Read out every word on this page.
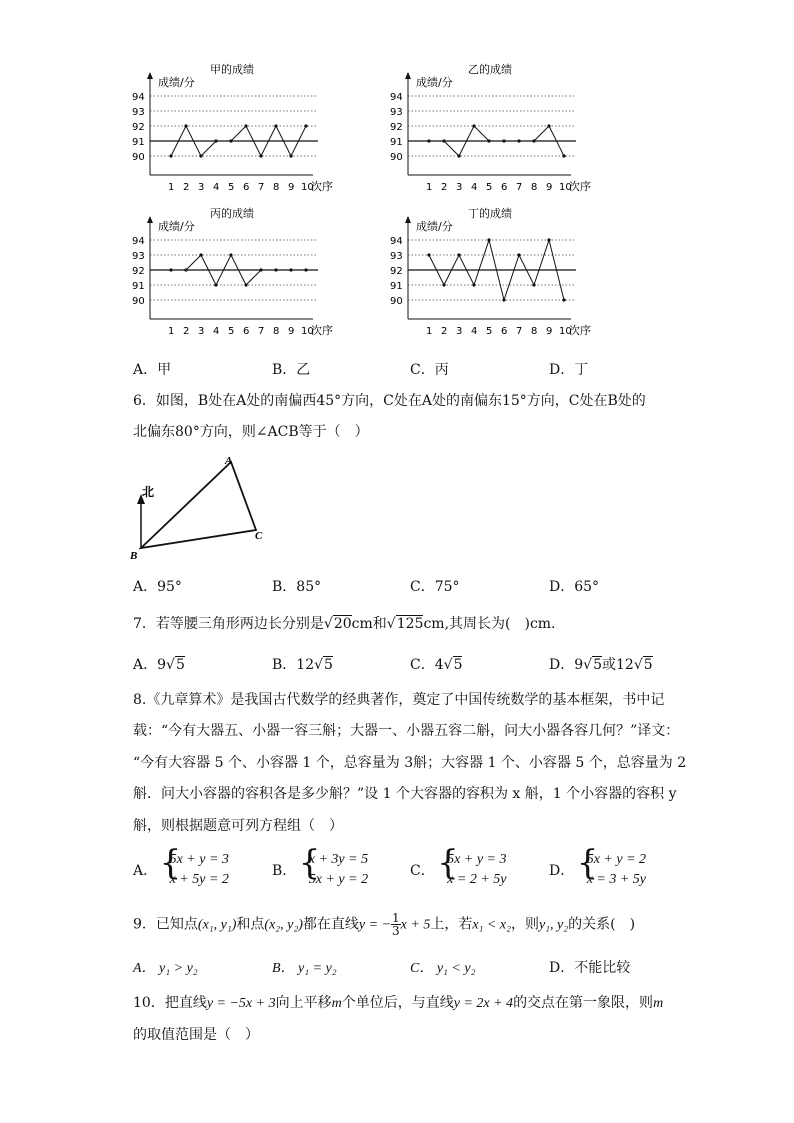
甲的成绩
成绩/分
90
91
92
93
94
1 2 3 4 5 6 7 8 9 10
次序
乙的成绩
成绩/分
90
91
92
93
94
1 2 3 4 5 6 7 8 9 10
次序
丙的成绩
成绩/分
90
91
92
93
94
1 2 3 4 5 6 7 8 9 10
次序
丁的成绩
成绩/分
90
91
92
93
94
1 2 3 4 5 6 7 8 9 10
次序
A．甲	B．乙	C．丙	D．丁
6．如图，B处在A处的南偏西45°方向，C处在A处的南偏东15°方向，C处在B处的
北偏东80°方向，则∠ACB等于（　）
北
A
B
C
A．95°	B．85°	C．75°	D．65°
7．若等腰三角形两边长分别是√20cm和√125cm,其周长为(　)cm.
A．9√5	B．12√5	C．4√5	D．9√5或12√5
8.《九章算术》是我国古代数学的经典著作，奠定了中国传统数学的基本框架，书中记
载：“今有大器五、小器一容三斛；大器一、小器五容二斛，问大小器各容几何？”译文：
“今有大容器 5 个、小容器 1 个，总容量为 3斛；大容器 1 个、小容器 5 个，总容量为 2
斛．问大小容器的容积各是多少斛？”设 1 个大容器的容积为 x 斛，1 个小容器的容积 y
斛，则根据题意可列方程组（　）
A． {
5x + y = 3
x + 5y = 2
B． {
x + 3y = 5
5x + y = 2
C． {
5x + y = 3
x = 2 + 5y
D． {
5x + y = 2
x = 3 + 5y
9．已知点(x₁, y₁)和点(x₂, y₂)都在直线y = − $\frac{1}{3}$ x + 5上，若x₁ < x₂，则y₁, y₂的关系(　)
A． y₁ > y₂	B． y₁ = y₂	C． y₁ < y₂	D．不能比较
10．把直线y = −5x + 3向上平移m个单位后，与直线y = 2x + 4的交点在第一象限，则m
的取值范围是（　）
